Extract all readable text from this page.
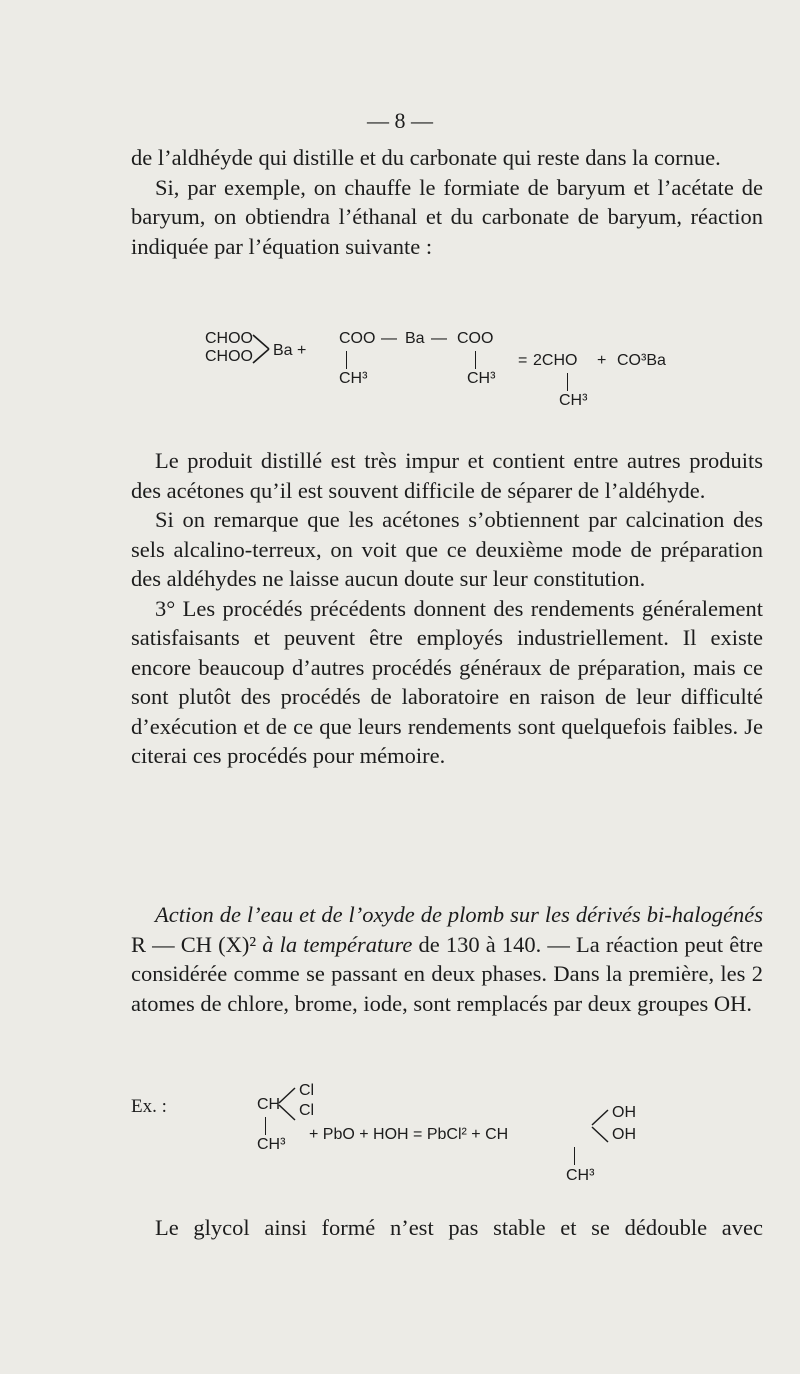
— 8 —

de l’aldhéyde qui distille et du carbonate qui reste dans la cornue.

Si, par exemple, on chauffe le formiate de baryum et l’acétate de baryum, on obtiendra l’éthanal et du carbonate de baryum, réaction indiquée par l’équation suivante :

CHOO
CHOO Ba +
COO — Ba — COO
CH³	CH³
= 2CHO + CO³Ba
CH³

Le produit distillé est très impur et contient entre autres produits des acétones qu’il est souvent difficile de séparer de l’aldéhyde.

Si on remarque que les acétones s’obtiennent par calcination des sels alcalino-terreux, on voit que ce deuxième mode de préparation des aldéhydes ne laisse aucun doute sur leur constitution.

3° Les procédés précédents donnent des rendements généralement satisfaisants et peuvent être employés industriellement. Il existe encore beaucoup d’autres procédés généraux de préparation, mais ce sont plutôt des procédés de laboratoire en raison de leur difficulté d’exécution et de ce que leurs rendements sont quelquefois faibles. Je citerai ces procédés pour mémoire.

Action de l’eau et de l’oxyde de plomb sur les dérivés bi-halogénés R — CH (X)² à la température de 130 à 140. — La réaction peut être considérée comme se passant en deux phases. Dans la première, les 2 atomes de chlore, brome, iode, sont remplacés par deux groupes OH.

Ex. :	CH
Cl
Cl
CH³
+ PbO + HOH = PbCl² + CH
OH
OH
CH³

Le glycol ainsi formé n’est pas stable et se dédouble avec
